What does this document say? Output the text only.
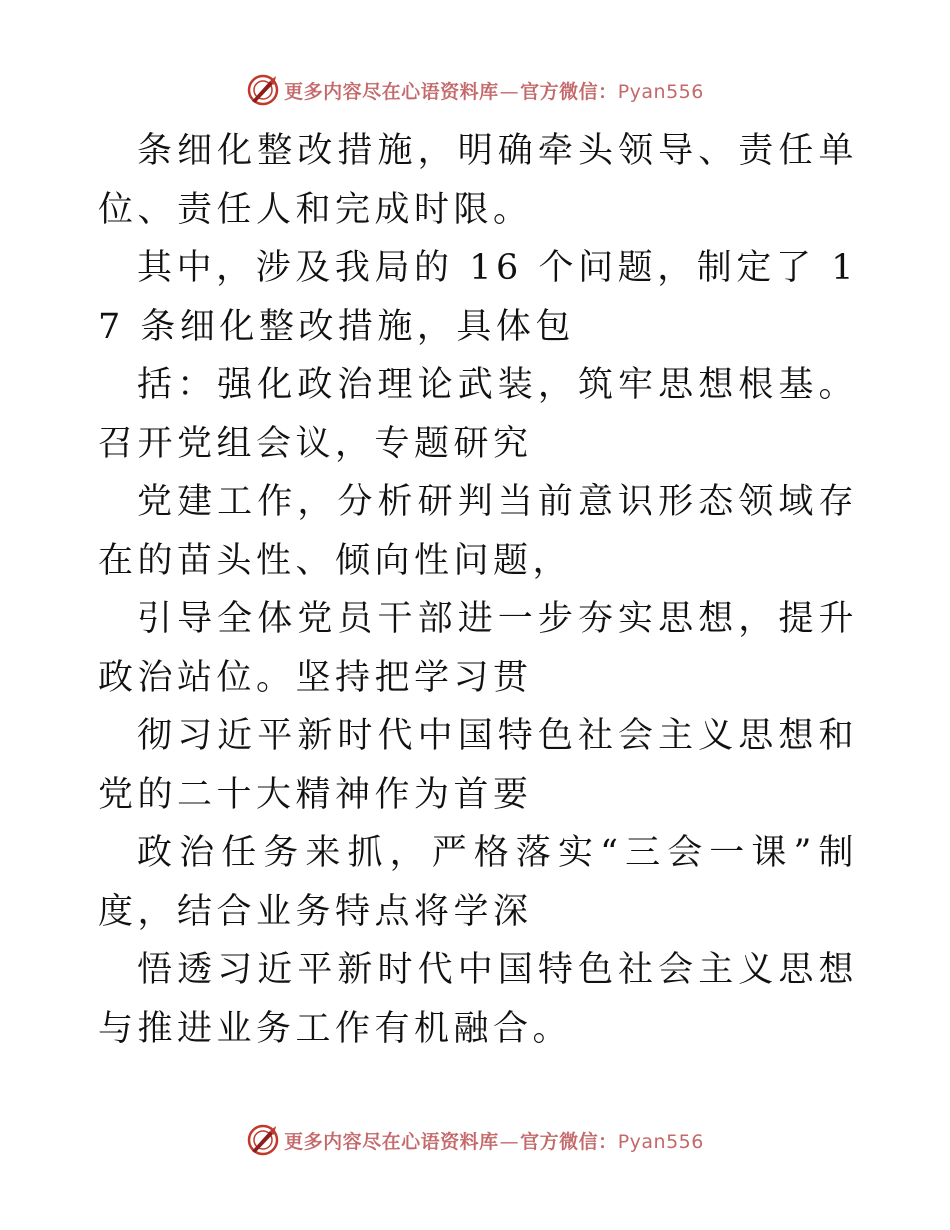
更多内容尽在心语资料库—官方微信：Pyan556

条细化整改措施，明确牵头领导、责任单位、责任人和完成时限。

其中，涉及我局的 16 个问题，制定了 17 条细化整改措施，具体包

括：强化政治理论武装，筑牢思想根基。召开党组会议，专题研究

党建工作，分析研判当前意识形态领域存在的苗头性、倾向性问题，

引导全体党员干部进一步夯实思想，提升政治站位。坚持把学习贯

彻习近平新时代中国特色社会主义思想和党的二十大精神作为首要

政治任务来抓，严格落实“三会一课”制度，结合业务特点将学深

悟透习近平新时代中国特色社会主义思想与推进业务工作有机融合。

更多内容尽在心语资料库—官方微信：Pyan556
